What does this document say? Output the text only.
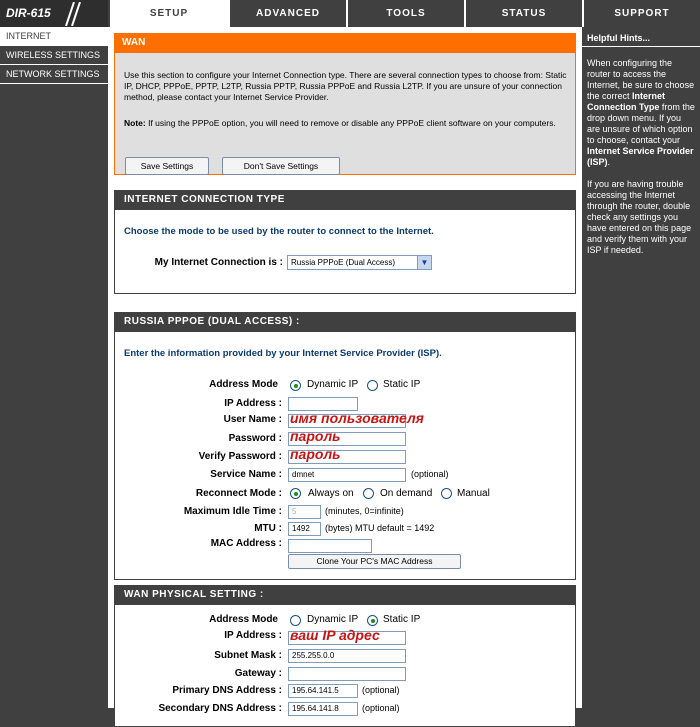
DIR-615	SETUP	ADVANCED	TOOLS	STATUS	SUPPORT
INTERNET
WIRELESS SETTINGS
NETWORK SETTINGS
WAN
Use this section to configure your Internet Connection type. There are several connection types to choose from: Static IP, DHCP, PPPoE, PPTP, L2TP, Russia PPTP, Russia PPPoE and Russia L2TP. If you are unsure of your connection method, please contact your Internet Service Provider.
Note: If using the PPPoE option, you will need to remove or disable any PPPoE client software on your computers.
Save Settings	Don't Save Settings
INTERNET CONNECTION TYPE
Choose the mode to be used by the router to connect to the Internet.
My Internet Connection is :	Russia PPPoE (Dual Access)	▼
RUSSIA PPPOE (DUAL ACCESS) :
Enter the information provided by your Internet Service Provider (ISP).
Address Mode	Dynamic IP Static IP
IP Address :
User Name : имя пользователя
Password : пароль
Verify Password : пароль
Service Name :	dmnet	(optional)
Reconnect Mode :	Always on	On demand Manual
Maximum Idle Time :	5	(minutes, 0=infinite)
MTU :	1492	(bytes) MTU default = 1492
MAC Address :
Clone Your PC's MAC Address
WAN PHYSICAL SETTING :
Address Mode	Dynamic IP Static IP
IP Address : ваш IP адрес
Subnet Mask :	255.255.0.0
Gateway :
Primary DNS Address :	195.64.141.5	(optional)
Secondary DNS Address :	195.64.141.8	(optional)
Helpful Hints...
When configuring the router to access the Internet, be sure to choose the correct Internet Connection Type from the drop down menu. If you are unsure of which option to choose, contact your Internet Service Provider (ISP).
If you are having trouble accessing the Internet through the router, double check any settings you have entered on this page and verify them with your ISP if needed.
